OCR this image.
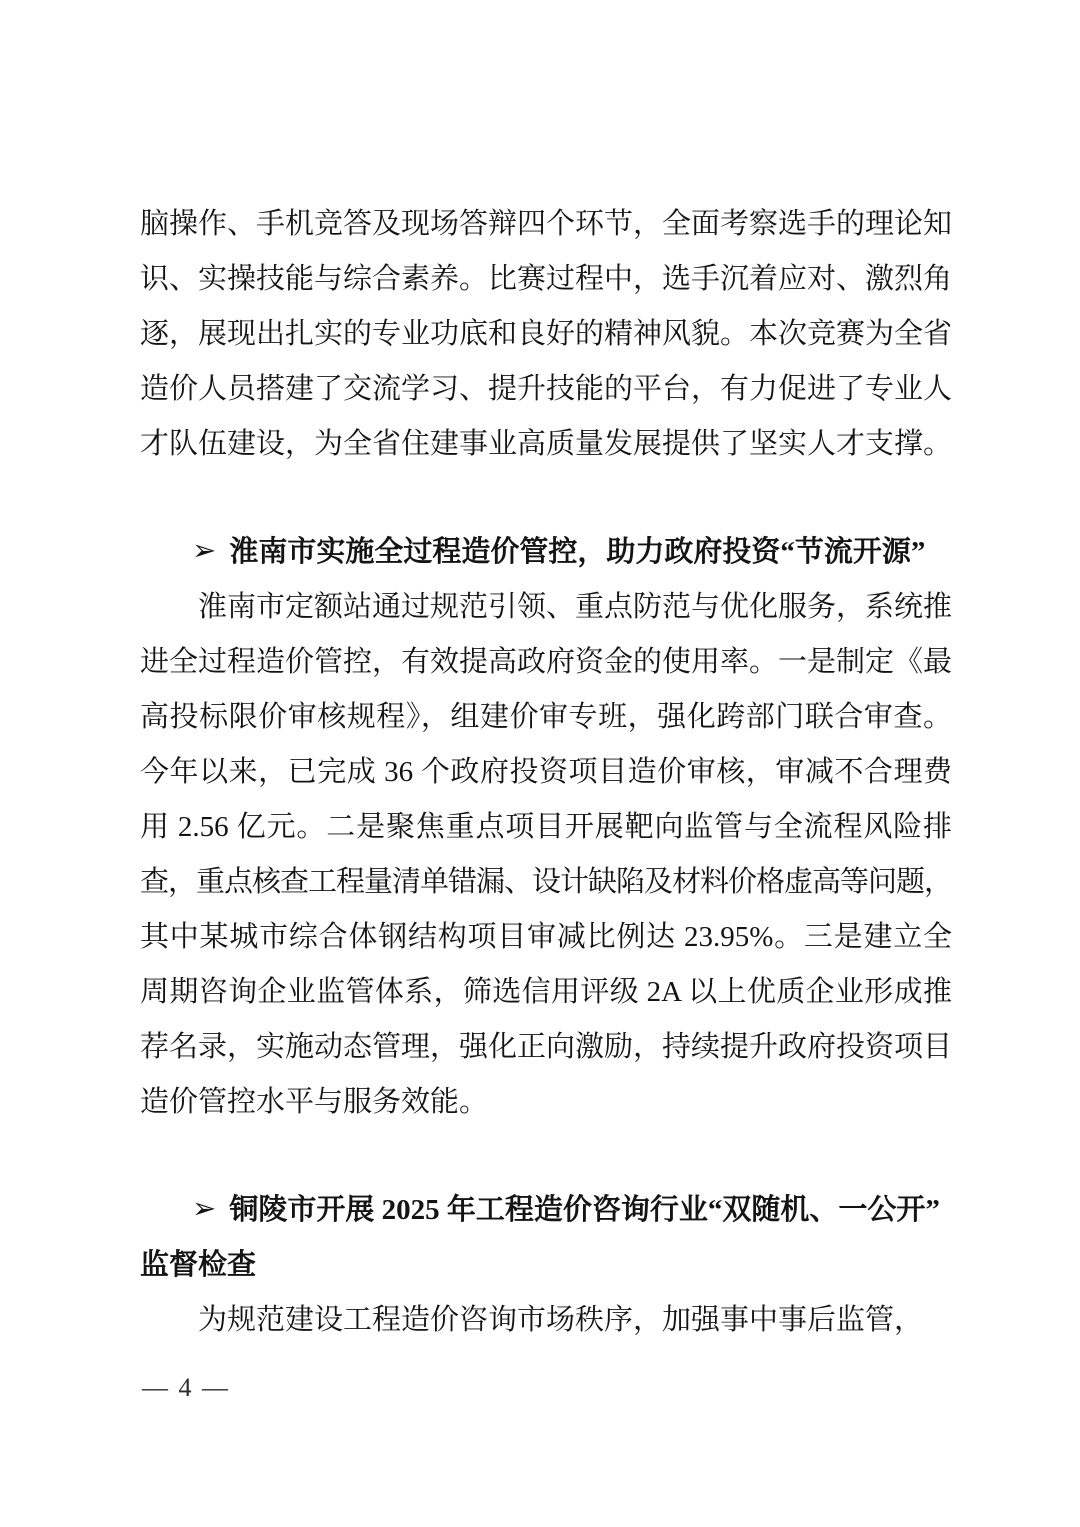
脑操作、手机竞答及现场答辩四个环节，全面考察选手的理论知
识、实操技能与综合素养。比赛过程中，选手沉着应对、激烈角
逐，展现出扎实的专业功底和良好的精神风貌。本次竞赛为全省
造价人员搭建了交流学习、提升技能的平台，有力促进了专业人
才队伍建设，为全省住建事业高质量发展提供了坚实人才支撑。
➢ 淮南市实施全过程造价管控，助力政府投资“节流开源”
淮南市定额站通过规范引领、重点防范与优化服务，系统推
进全过程造价管控，有效提高政府资金的使用率。一是制定《最
高投标限价审核规程》，组建价审专班，强化跨部门联合审查。
今年以来，已完成 36 个政府投资项目造价审核，审减不合理费
用 2.56 亿元。二是聚焦重点项目开展靶向监管与全流程风险排
查，重点核查工程量清单错漏、设计缺陷及材料价格虚高等问题，
其中某城市综合体钢结构项目审减比例达 23.95%。三是建立全
周期咨询企业监管体系，筛选信用评级 2A 以上优质企业形成推
荐名录，实施动态管理，强化正向激励，持续提升政府投资项目
造价管控水平与服务效能。
➢ 铜陵市开展 2025 年工程造价咨询行业“双随机、一公开”
监督检查
为规范建设工程造价咨询市场秩序，加强事中事后监管，
— 4 —
